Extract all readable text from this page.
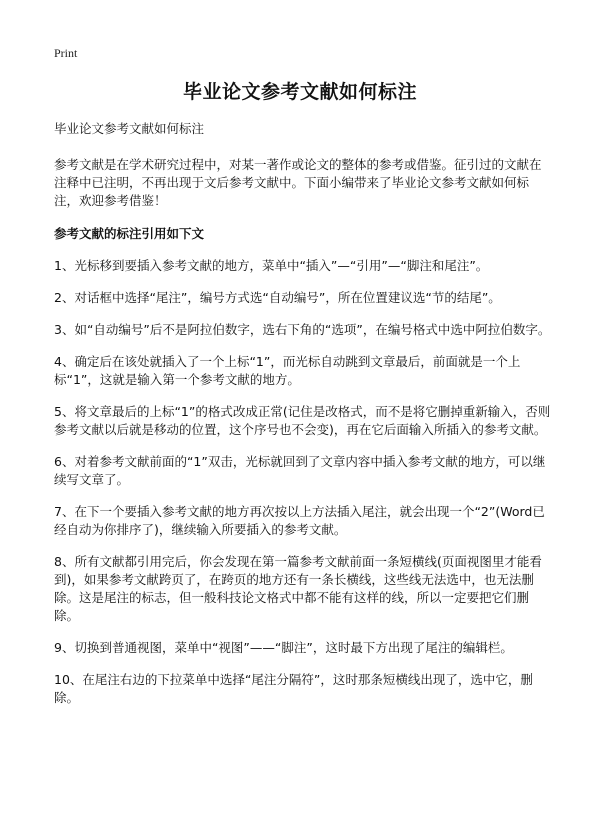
Print
毕业论文参考文献如何标注

毕业论文参考文献如何标注

参考文献是在学术研究过程中，对某一著作或论文的整体的参考或借鉴。征引过的文献在注释中已注明，不再出现于文后参考文献中。下面小编带来了毕业论文参考文献如何标注，欢迎参考借鉴！

参考文献的标注引用如下文

1、光标移到要插入参考文献的地方，菜单中“插入”—“引用”—“脚注和尾注”。
2、对话框中选择“尾注”，编号方式选“自动编号”，所在位置建议选“节的结尾”。
3、如“自动编号”后不是阿拉伯数字，选右下角的“选项”，在编号格式中选中阿拉伯数字。
4、确定后在该处就插入了一个上标“1”，而光标自动跳到文章最后，前面就是一个上标“1”，这就是输入第一个参考文献的地方。
5、将文章最后的上标“1”的格式改成正常(记住是改格式，而不是将它删掉重新输入，否则参考文献以后就是移动的位置，这个序号也不会变)，再在它后面输入所插入的参考文献。
6、对着参考文献前面的“1”双击，光标就回到了文章内容中插入参考文献的地方，可以继续写文章了。
7、在下一个要插入参考文献的地方再次按以上方法插入尾注，就会出现一个“2”(Word已经自动为你排序了)，继续输入所要插入的参考文献。
8、所有文献都引用完后，你会发现在第一篇参考文献前面一条短横线(页面视图里才能看到)，如果参考文献跨页了，在跨页的地方还有一条长横线，这些线无法选中，也无法删除。这是尾注的标志，但一般科技论文格式中都不能有这样的线，所以一定要把它们删除。
9、切换到普通视图，菜单中“视图”——“脚注”，这时最下方出现了尾注的编辑栏。
10、在尾注右边的下拉菜单中选择“尾注分隔符”，这时那条短横线出现了，选中它，删除。
